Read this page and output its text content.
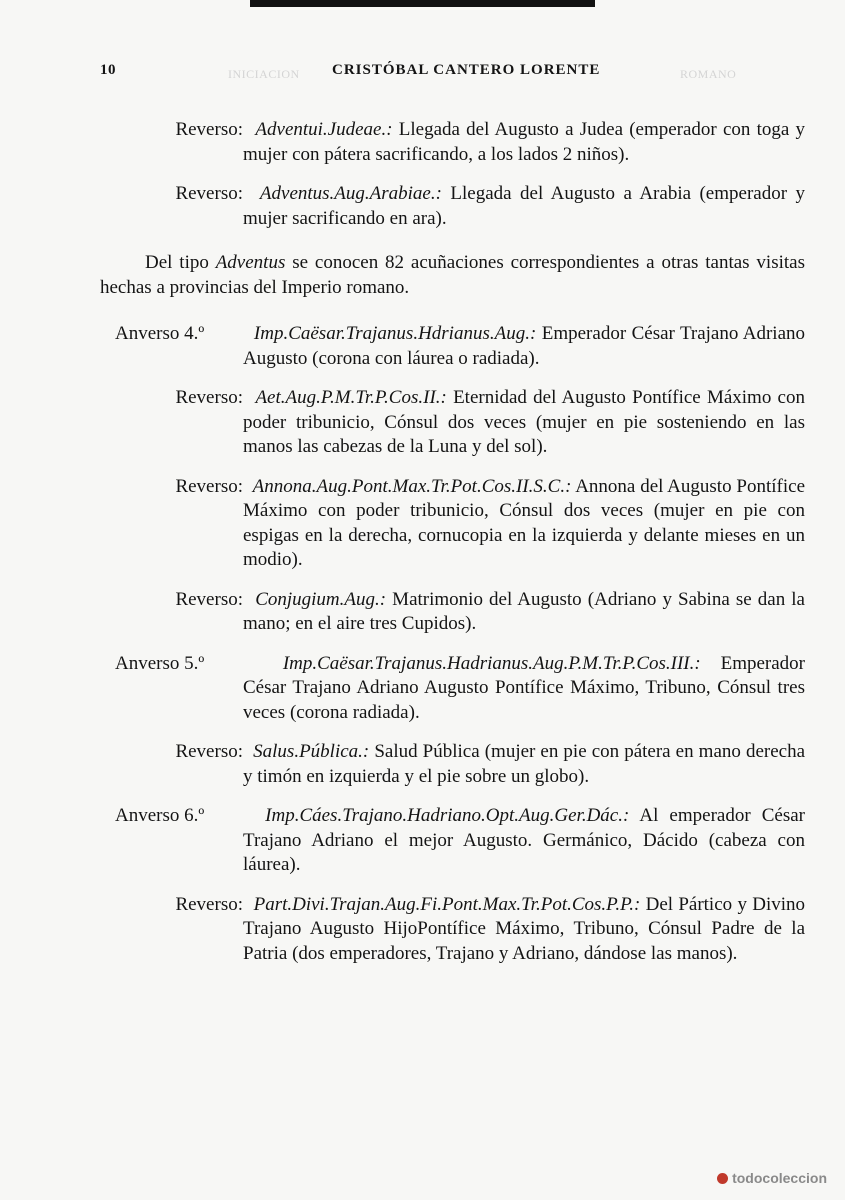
10	INICIACION CRISTÓBAL CANTERO LORENTE	ROMANO
Reverso: Adventui.Judeae.: Llegada del Augusto a Judea (emperador con toga y mujer con pátera sacrificando, a los lados 2 niños).
Reverso: Adventus.Aug.Arabiae.: Llegada del Augusto a Arabia (emperador y mujer sacrificando en ara).
Del tipo Adventus se conocen 82 acuñaciones correspondientes a otras tantas visitas hechas a provincias del Imperio romano.
Anverso 4.º	Imp.Caësar.Trajanus.Hdrianus.Aug.: Emperador César Trajano Adriano Augusto (corona con láurea o radiada).
Reverso: Aet.Aug.P.M.Tr.P.Cos.II.: Eternidad del Augusto Pontífice Máximo con poder tribunicio, Cónsul dos veces (mujer en pie sosteniendo en las manos las cabezas de la Luna y del sol).
Reverso: Annona.Aug.Pont.Max.Tr.Pot.Cos.II.S.C.: Annona del Augusto Pontífice Máximo con poder tribunicio, Cónsul dos veces (mujer en pie con espigas en la derecha, cornucopia en la izquierda y delante mieses en un modio).
Reverso: Conjugium.Aug.: Matrimonio del Augusto (Adriano y Sabina se dan la mano; en el aire tres Cupidos).
Anverso 5.º	Imp.Caësar.Trajanus.Hadrianus.Aug.P.M.Tr.P.Cos.III.: Emperador César Trajano Adriano Augusto Pontífice Máximo, Tribuno, Cónsul tres veces (corona radiada).
Reverso: Salus.Pública.: Salud Pública (mujer en pie con pátera en mano derecha y timón en izquierda y el pie sobre un globo).
Anverso 6.º	Imp.Cáes.Trajano.Hadriano.Opt.Aug.Ger.Dác.: Al emperador César Trajano Adriano el mejor Augusto. Germánico, Dácido (cabeza con láurea).
Reverso: Part.Divi.Trajan.Aug.Fi.Pont.Max.Tr.Pot.Cos.P.P.: Del Pártico y Divino Trajano Augusto HijoPontífice Máximo, Tribuno, Cónsul Padre de la Patria (dos emperadores, Trajano y Adriano, dándose las manos).
todocoleccion
